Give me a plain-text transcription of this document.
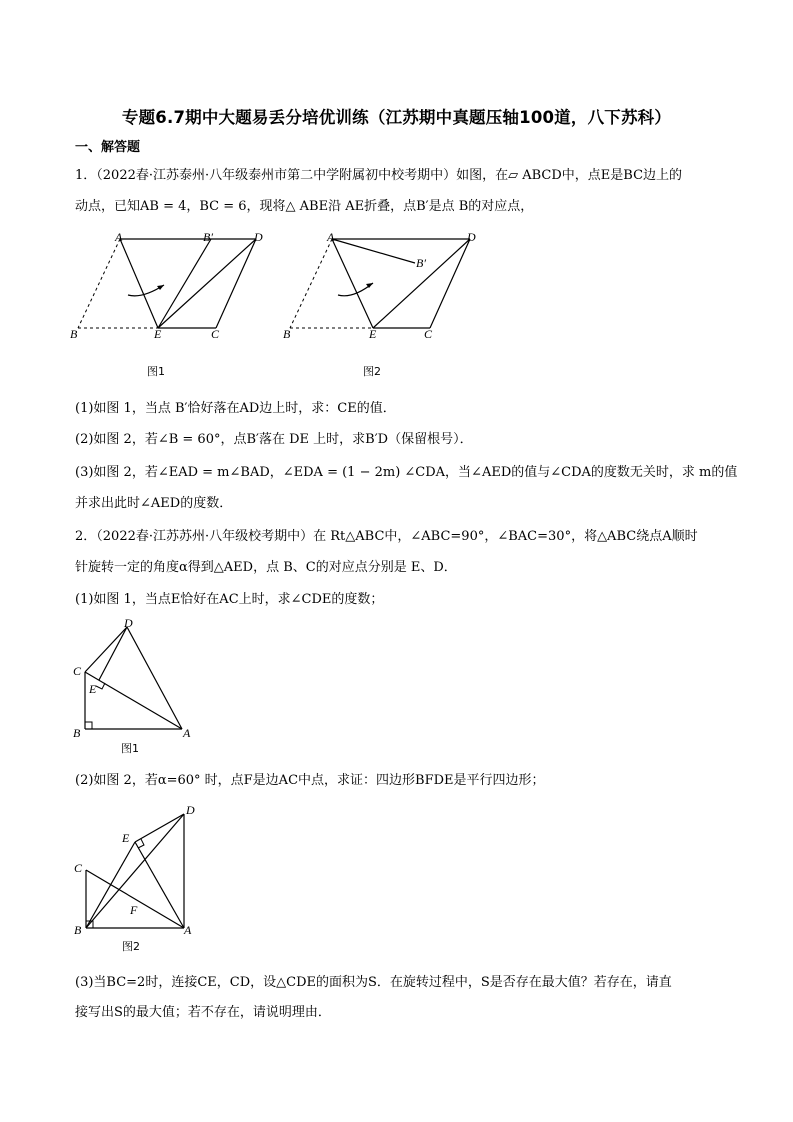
专题6.7期中大题易丢分培优训练（江苏期中真题压轴100道，八下苏科）
一、解答题
1．（2022春·江苏泰州·八年级泰州市第二中学附属初中校考期中）如图，在▱ ABCD中，点E是BC边上的
动点，已知AB = 4，BC = 6，现将△ ABE沿 AE折叠，点B′是点 B的对应点，
A	B′	D
B	E	C
图1
A
B′
D
B	E	C
图2
(1)如图 1，当点 B′恰好落在AD边上时，求：CE的值．
(2)如图 2，若∠B = 60°，点B′落在 DE 上时，求B′D（保留根号）．
(3)如图 2，若∠EAD = m∠BAD，∠EDA = (1 − 2m) ∠CDA，当∠AED的值与∠CDA的度数无关时，求 m的值
并求出此时∠AED的度数．
2．（2022春·江苏苏州·八年级校考期中）在 Rt△ABC中，∠ABC=90°，∠BAC=30°，将△ABC绕点A顺时
针旋转一定的角度α得到△AED，点 B、C的对应点分别是 E、D．
(1)如图 1，当点E恰好在AC上时，求∠CDE的度数；
C
D
E
B	A
图1
(2)如图 2，若α=60° 时，点F是边AC中点，求证：四边形BFDE是平行四边形；
C
D
E
F
B	A
图2
(3)当BC=2时，连接CE，CD，设△CDE的面积为S．在旋转过程中，S是否存在最大值？若存在，请直
接写出S的最大值；若不存在，请说明理由．
